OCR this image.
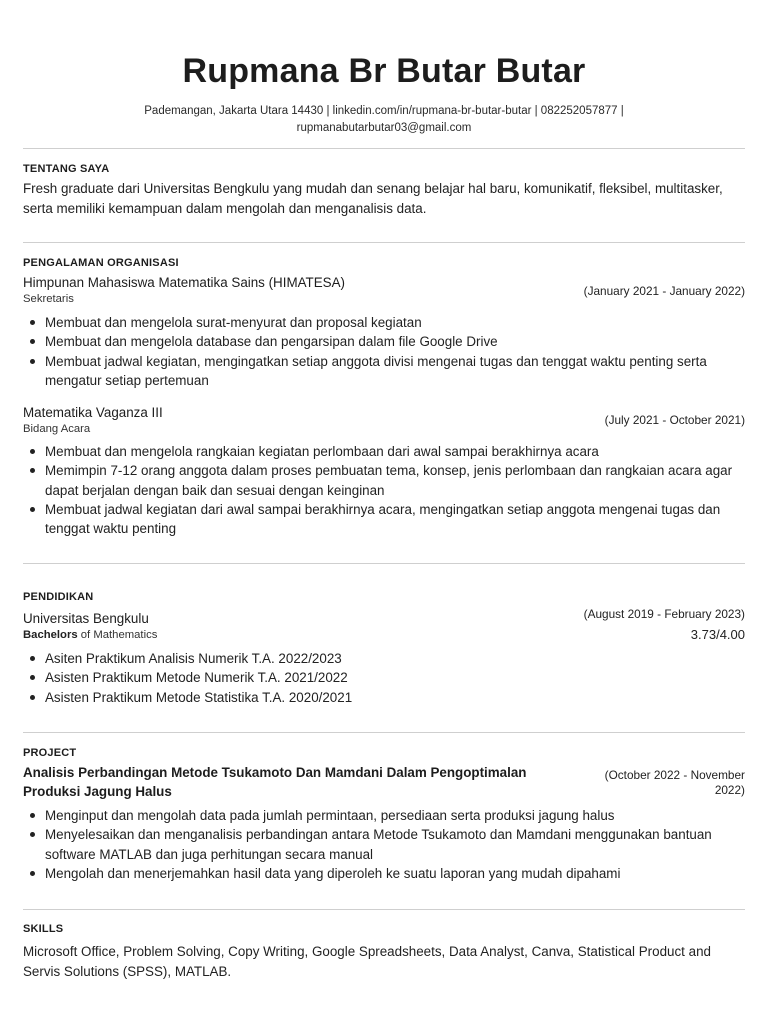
Rupmana Br Butar Butar
Pademangan, Jakarta Utara 14430 | linkedin.com/in/rupmana-br-butar-butar | 082252057877 |
rupmanabutarbutar03@gmail.com
TENTANG SAYA
Fresh graduate dari Universitas Bengkulu yang mudah dan senang belajar hal baru, komunikatif, fleksibel, multitasker, serta memiliki kemampuan dalam mengolah dan menganalisis data.
PENGALAMAN ORGANISASI
Himpunan Mahasiswa Matematika Sains (HIMATESA)
(January 2021 - January 2022)
Sekretaris
Membuat dan mengelola surat-menyurat dan proposal kegiatan
Membuat dan mengelola database dan pengarsipan dalam file Google Drive
Membuat jadwal kegiatan, mengingatkan setiap anggota divisi mengenai tugas dan tenggat waktu penting serta mengatur setiap pertemuan
Matematika Vaganza III	(July 2021 - October 2021)
Bidang Acara
Membuat dan mengelola rangkaian kegiatan perlombaan dari awal sampai berakhirnya acara
Memimpin 7-12 orang anggota dalam proses pembuatan tema, konsep, jenis perlombaan dan rangkaian acara agar dapat berjalan dengan baik dan sesuai dengan keinginan
Membuat jadwal kegiatan dari awal sampai berakhirnya acara, mengingatkan setiap anggota mengenai tugas dan tenggat waktu penting
PENDIDIKAN
Universitas Bengkulu	(August 2019 - February 2023)
3.73/4.00
Bachelors of Mathematics
Asiten Praktikum Analisis Numerik T.A. 2022/2023
Asisten Praktikum Metode Numerik T.A. 2021/2022
Asisten Praktikum Metode Statistika T.A. 2020/2021
PROJECT
Analisis Perbandingan Metode Tsukamoto Dan Mamdani Dalam Pengoptimalan Produksi Jagung Halus
(October 2022 - November
2022)
Menginput dan mengolah data pada jumlah permintaan, persediaan serta produksi jagung halus
Menyelesaikan dan menganalisis perbandingan antara Metode Tsukamoto dan Mamdani menggunakan bantuan software MATLAB dan juga perhitungan secara manual
Mengolah dan menerjemahkan hasil data yang diperoleh ke suatu laporan yang mudah dipahami
SKILLS
Microsoft Office, Problem Solving, Copy Writing, Google Spreadsheets, Data Analyst, Canva, Statistical Product and Servis Solutions (SPSS), MATLAB.
